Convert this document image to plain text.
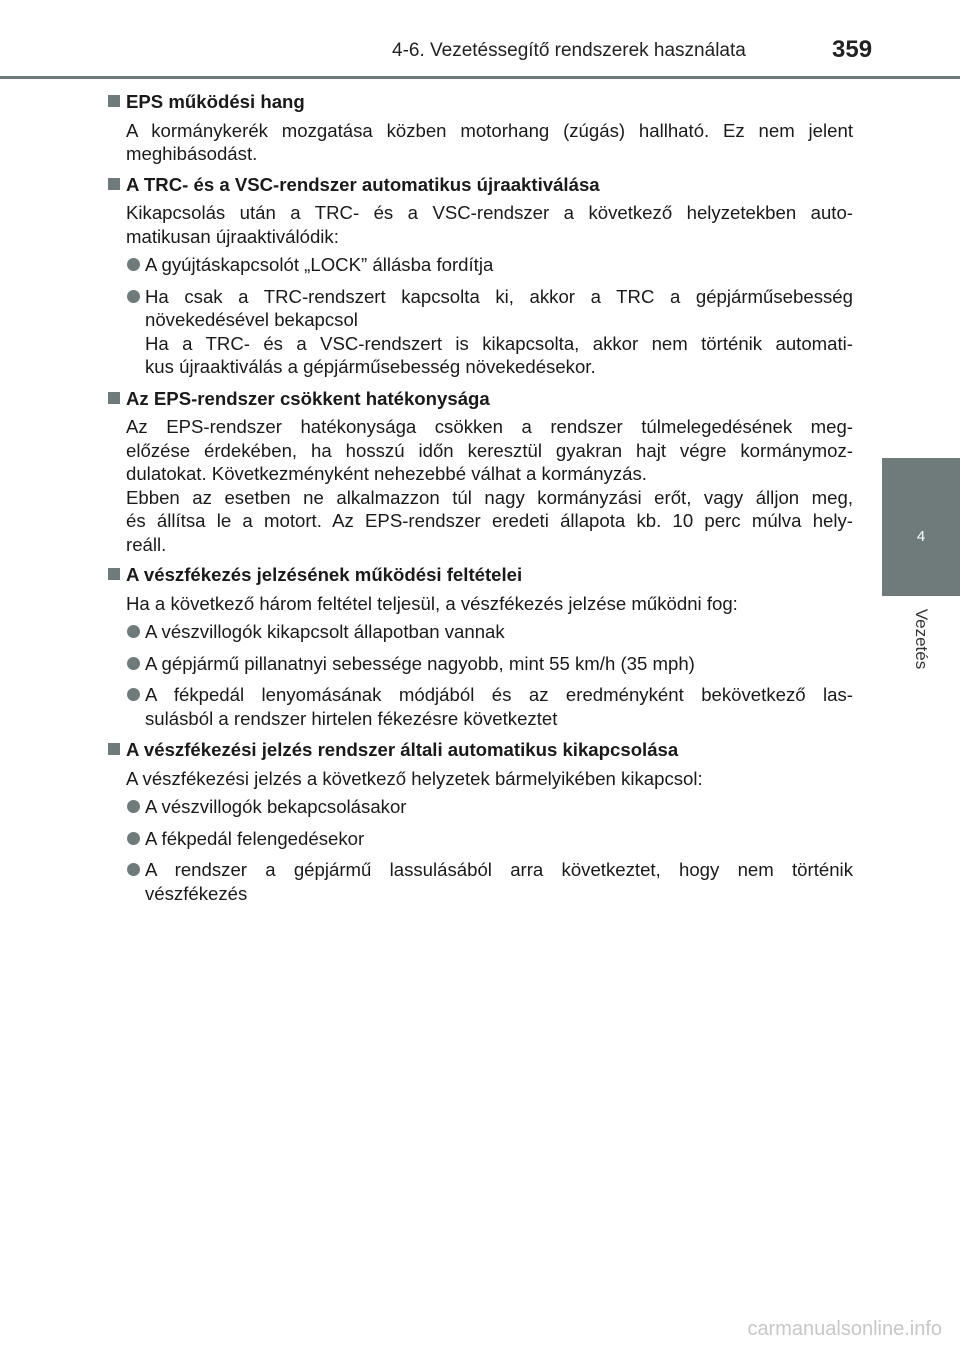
4-6. Vezetéssegítő rendszerek használata	359
4
Vezetés
EPS működési hang
A kormánykerék mozgatása közben motorhang (zúgás) hallható. Ez nem jelent
meghibásodást.
A TRC- és a VSC-rendszer automatikus újraaktiválása
Kikapcsolás után a TRC- és a VSC-rendszer a következő helyzetekben auto-
matikusan újraaktiválódik:
A gyújtáskapcsolót „LOCK” állásba fordítja
Ha csak a TRC-rendszert kapcsolta ki, akkor a TRC a gépjárműsebesség
növekedésével bekapcsol
Ha a TRC- és a VSC-rendszert is kikapcsolta, akkor nem történik automati-
kus újraaktiválás a gépjárműsebesség növekedésekor.
Az EPS-rendszer csökkent hatékonysága
Az EPS-rendszer hatékonysága csökken a rendszer túlmelegedésének meg-
előzése érdekében, ha hosszú időn keresztül gyakran hajt végre kormánymoz-
dulatokat. Következményként nehezebbé válhat a kormányzás.
Ebben az esetben ne alkalmazzon túl nagy kormányzási erőt, vagy álljon meg,
és állítsa le a motort. Az EPS-rendszer eredeti állapota kb. 10 perc múlva hely-
reáll.
A vészfékezés jelzésének működési feltételei
Ha a következő három feltétel teljesül, a vészfékezés jelzése működni fog:
A vészvillogók kikapcsolt állapotban vannak
A gépjármű pillanatnyi sebessége nagyobb, mint 55 km/h (35 mph)
A fékpedál lenyomásának módjából és az eredményként bekövetkező las-
sulásból a rendszer hirtelen fékezésre következtet
A vészfékezési jelzés rendszer általi automatikus kikapcsolása
A vészfékezési jelzés a következő helyzetek bármelyikében kikapcsol:
A vészvillogók bekapcsolásakor
A fékpedál felengedésekor
A rendszer a gépjármű lassulásából arra következtet, hogy nem történik
vészfékezés
carmanualsonline.info
